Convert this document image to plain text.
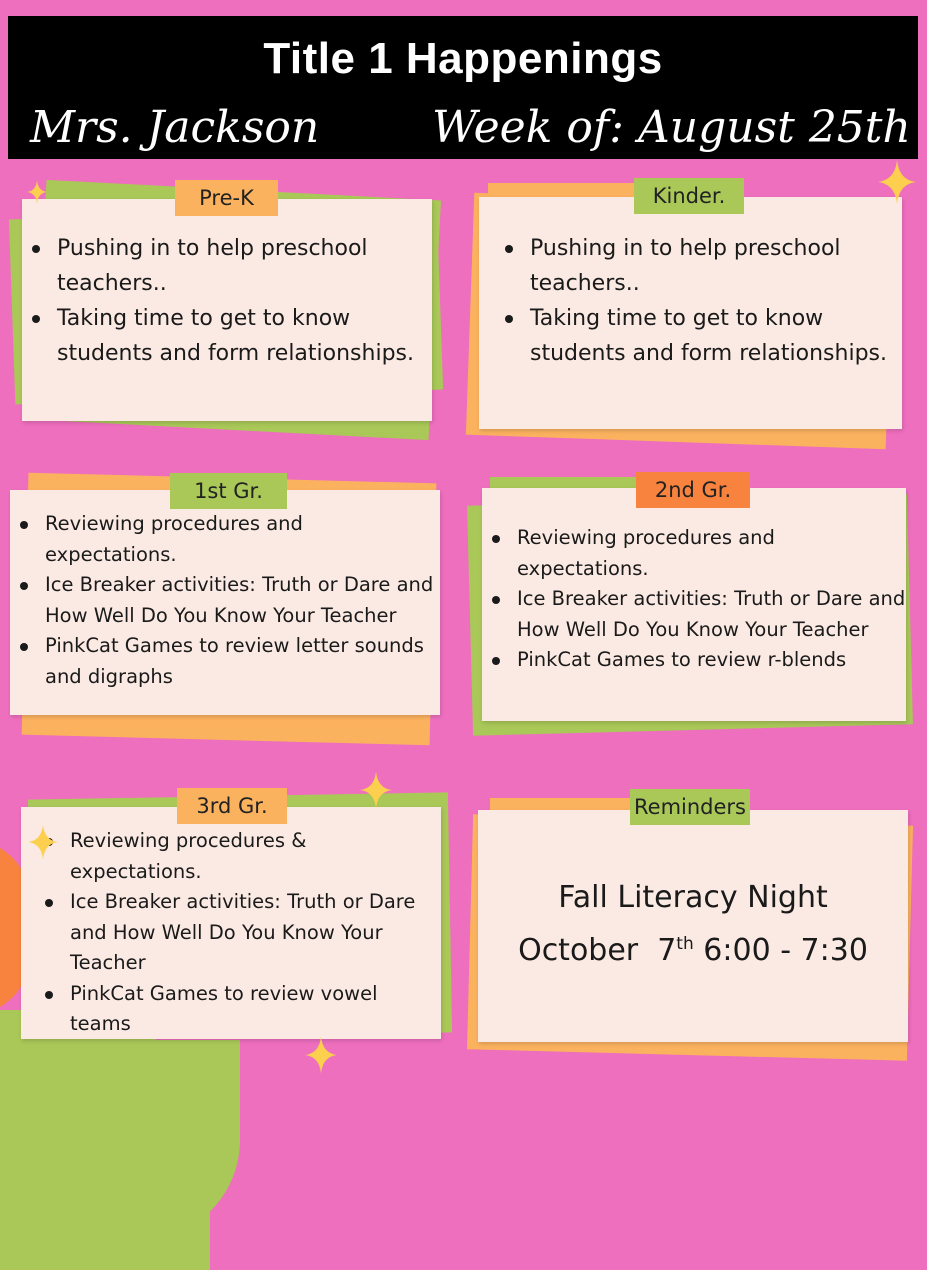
Title 1 Happenings
Mrs. Jackson	Week of: August 25th
Pushing in to help preschool teachers..
Taking time to get to know students and form relationships.
Pre-K
Pushing in to help preschool teachers..
Taking time to get to know students and form relationships.
Kinder.
Reviewing procedures and expectations.
Ice Breaker activities: Truth or Dare and How Well Do You Know Your Teacher
PinkCat Games to review letter sounds and digraphs
1st Gr.
Reviewing procedures and expectations.
Ice Breaker activities: Truth or Dare and How Well Do You Know Your Teacher
PinkCat Games to review r-blends
2nd Gr.
Reviewing procedures & expectations.
Ice Breaker activities: Truth or Dare and How Well Do You Know Your Teacher
PinkCat Games to review vowel teams
3rd Gr.
Fall Literacy Night
October  7th 6:00 - 7:30
Reminders
